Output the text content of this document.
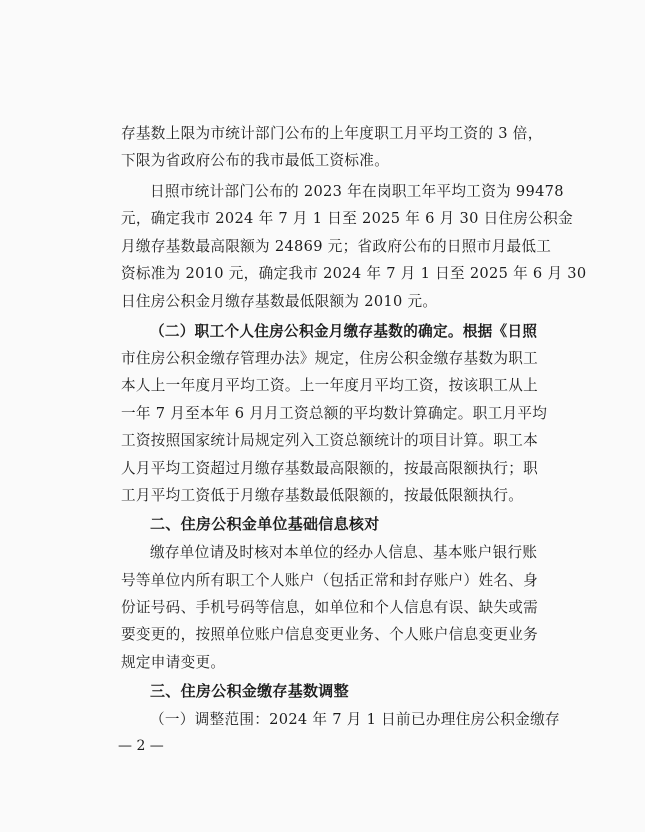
存基数上限为市统计部门公布的上年度职工月平均工资的 3 倍，
下限为省政府公布的我市最低工资标准。
日照市统计部门公布的 2023 年在岗职工年平均工资为 99478
元，确定我市 2024 年 7 月 1 日至 2025 年 6 月 30 日住房公积金
月缴存基数最高限额为 24869 元；省政府公布的日照市月最低工
资标准为 2010 元，确定我市 2024 年 7 月 1 日至 2025 年 6 月 30
日住房公积金月缴存基数最低限额为 2010 元。
（二）职工个人住房公积金月缴存基数的确定。根据《日照
市住房公积金缴存管理办法》规定，住房公积金缴存基数为职工
本人上一年度月平均工资。上一年度月平均工资，按该职工从上
一年 7 月至本年 6 月月工资总额的平均数计算确定。职工月平均
工资按照国家统计局规定列入工资总额统计的项目计算。职工本
人月平均工资超过月缴存基数最高限额的，按最高限额执行；职
工月平均工资低于月缴存基数最低限额的，按最低限额执行。
二、住房公积金单位基础信息核对
缴存单位请及时核对本单位的经办人信息、基本账户银行账
号等单位内所有职工个人账户（包括正常和封存账户）姓名、身
份证号码、手机号码等信息，如单位和个人信息有误、缺失或需
要变更的，按照单位账户信息变更业务、个人账户信息变更业务
规定申请变更。
三、住房公积金缴存基数调整
（一）调整范围：2024 年 7 月 1 日前已办理住房公积金缴存
— 2 —
